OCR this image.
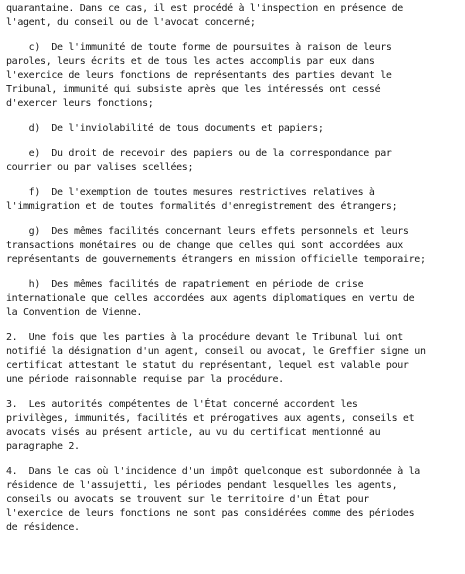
quarantaine. Dans ce cas, il est procédé à l'inspection en présence de
l'agent, du conseil ou de l'avocat concerné;
c)  De l'immunité de toute forme de poursuites à raison de leurs
paroles, leurs écrits et de tous les actes accomplis par eux dans
l'exercice de leurs fonctions de représentants des parties devant le
Tribunal, immunité qui subsiste après que les intéressés ont cessé
d'exercer leurs fonctions;
d)  De l'inviolabilité de tous documents et papiers;
e)  Du droit de recevoir des papiers ou de la correspondance par
courrier ou par valises scellées;
f)  De l'exemption de toutes mesures restrictives relatives à
l'immigration et de toutes formalités d'enregistrement des étrangers;
g)  Des mêmes facilités concernant leurs effets personnels et leurs
transactions monétaires ou de change que celles qui sont accordées aux
représentants de gouvernements étrangers en mission officielle temporaire;
h)  Des mêmes facilités de rapatriement en période de crise
internationale que celles accordées aux agents diplomatiques en vertu de
la Convention de Vienne.
2.  Une fois que les parties à la procédure devant le Tribunal lui ont
notifié la désignation d'un agent, conseil ou avocat, le Greffier signe un
certificat attestant le statut du représentant, lequel est valable pour
une période raisonnable requise par la procédure.
3.  Les autorités compétentes de l'État concerné accordent les
privilèges, immunités, facilités et prérogatives aux agents, conseils et
avocats visés au présent article, au vu du certificat mentionné au
paragraphe 2.
4.  Dans le cas où l'incidence d'un impôt quelconque est subordonnée à la
résidence de l'assujetti, les périodes pendant lesquelles les agents,
conseils ou avocats se trouvent sur le territoire d'un État pour
l'exercice de leurs fonctions ne sont pas considérées comme des périodes
de résidence.
